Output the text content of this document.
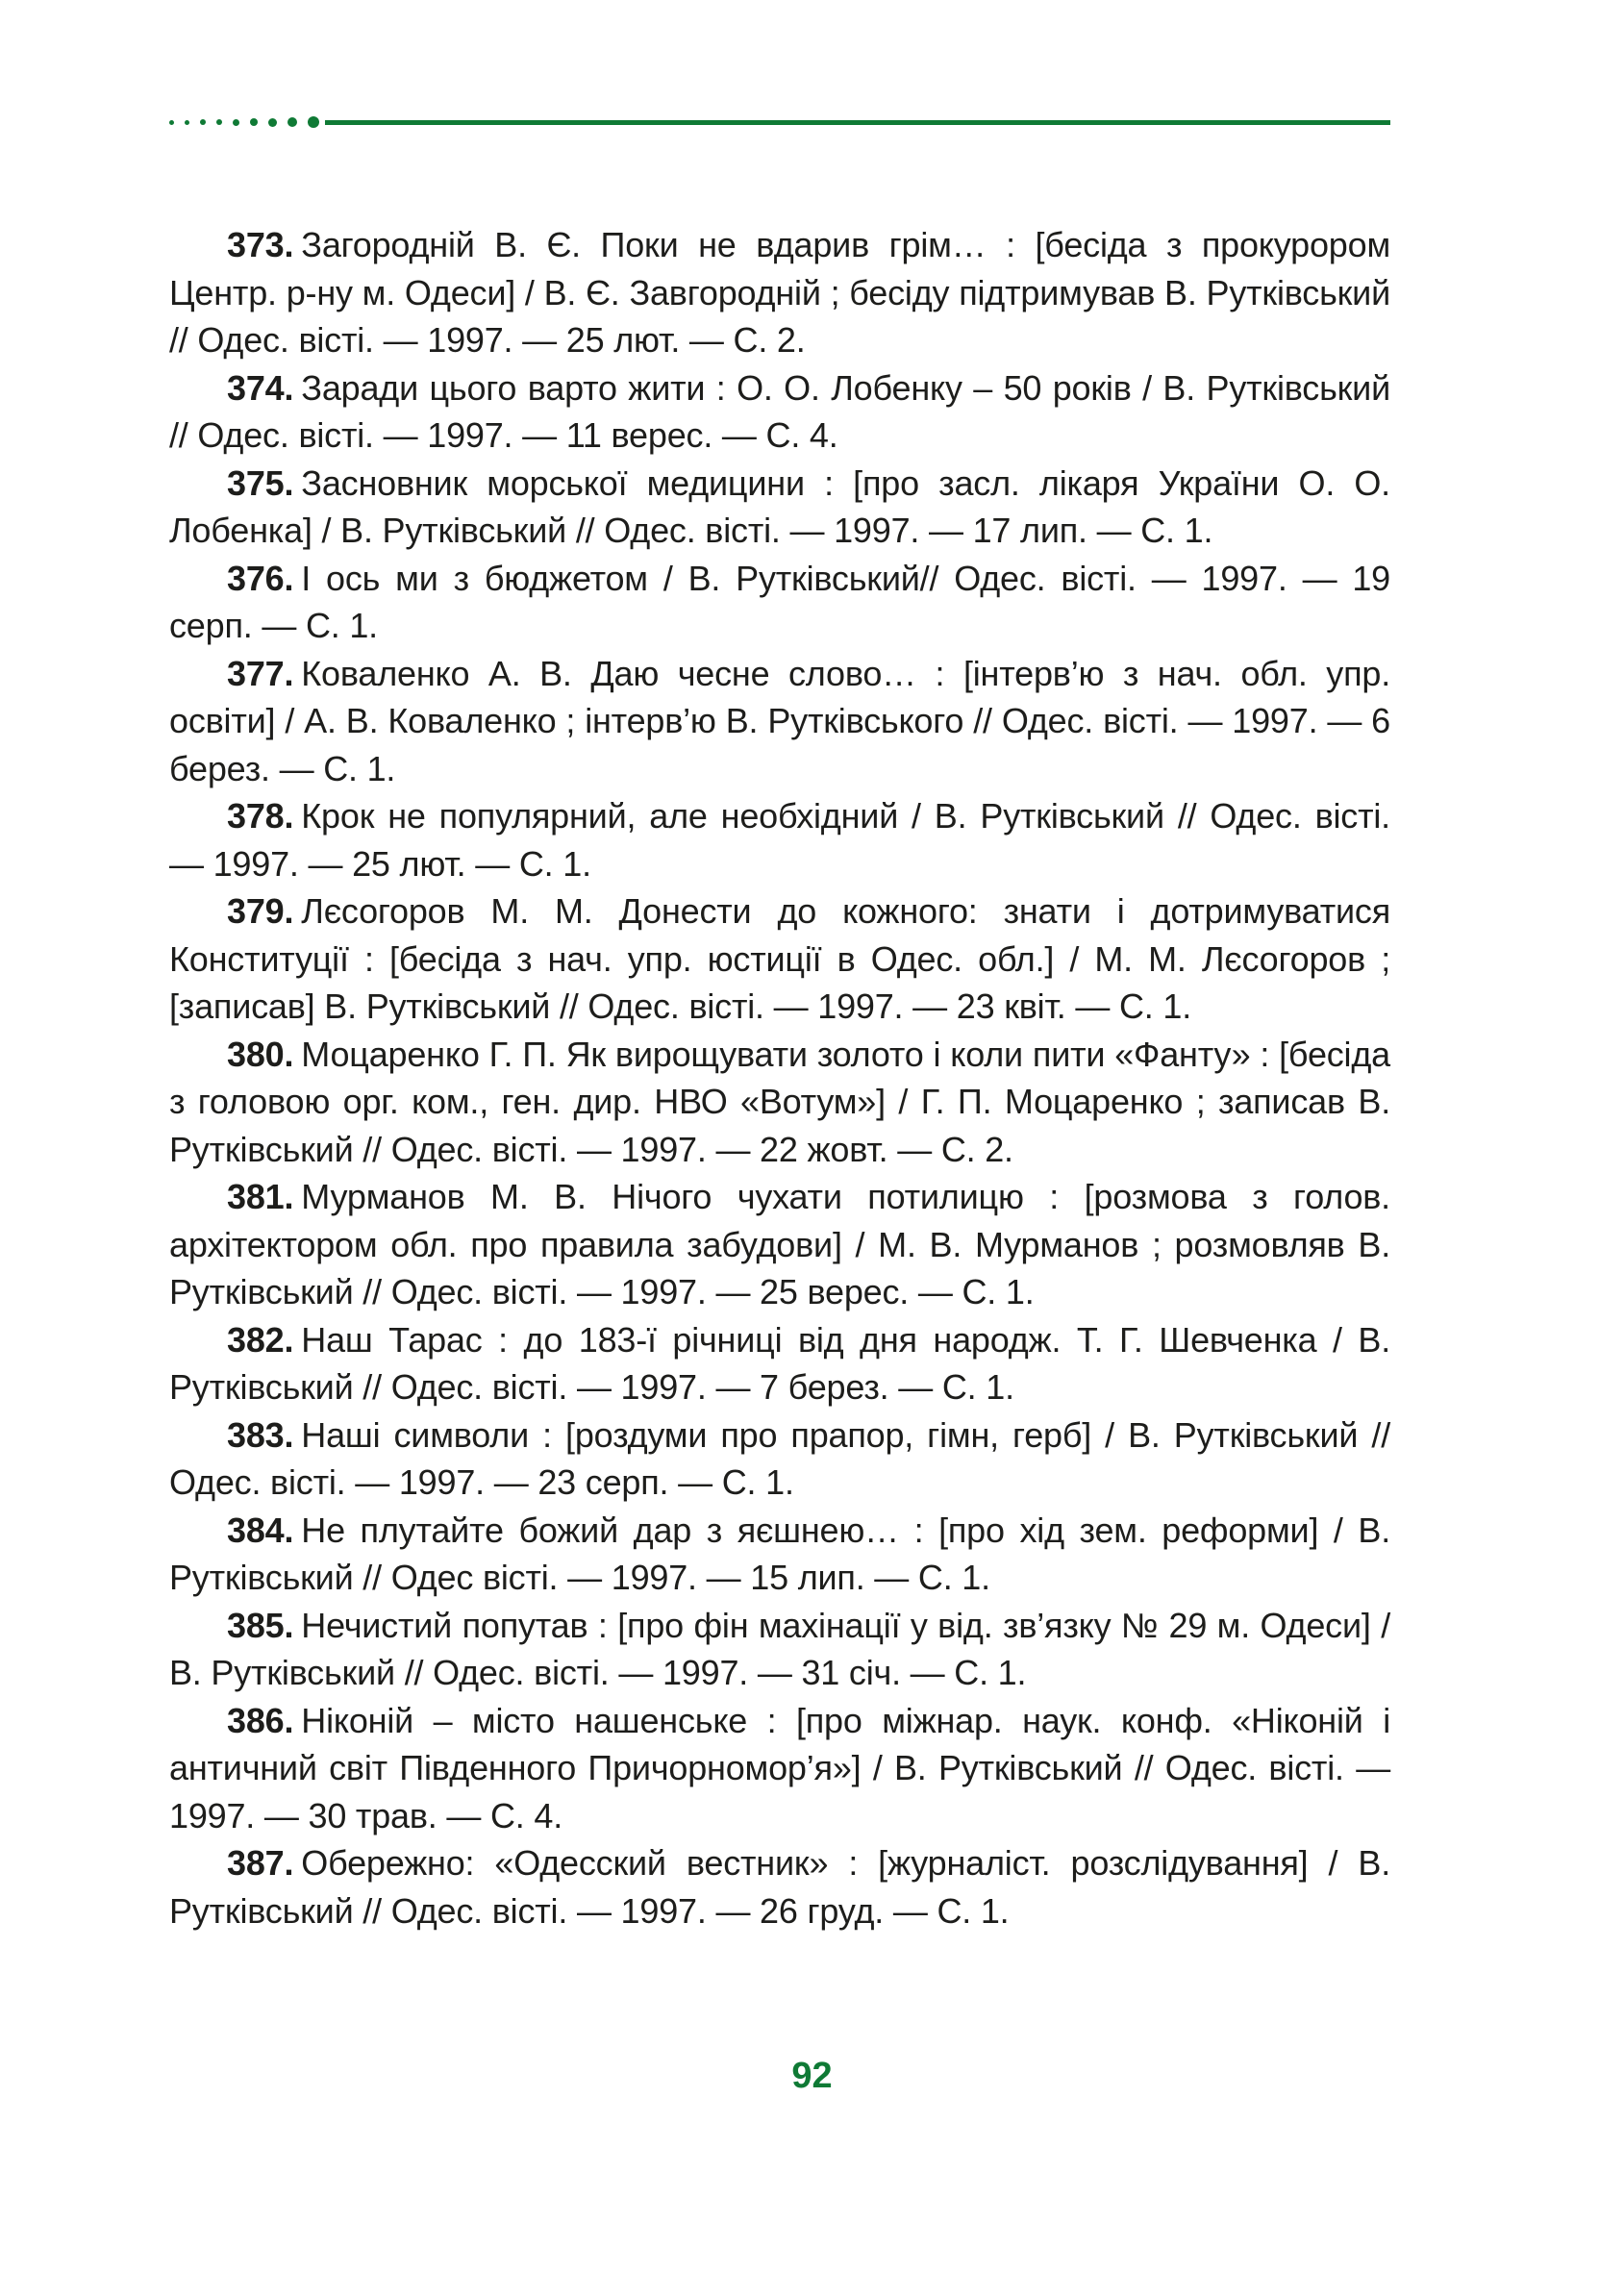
373. Загородній В. Є. Поки не вдарив грім… : [бесіда з прокурором Центр. р-ну м. Одеси] / В. Є. Завгородній ; бесіду підтримував В. Рутківський // Одес. вісті. — 1997. — 25 лют. — С. 2.

374. Заради цього варто жити : О. О. Лобенку – 50 років / В. Рутківський // Одес. вісті. — 1997. — 11 верес. — С. 4.

375. Засновник морської медицини : [про засл. лікаря України О. О. Лобенка] / В. Рутківський // Одес. вісті. — 1997. — 17 лип. — С. 1.

376. І ось ми з бюджетом / В. Рутківський// Одес. вісті. — 1997. — 19 серп. — С. 1.

377. Коваленко А. В. Даю чесне слово… : [інтерв’ю з нач. обл. упр. освіти] / А. В. Коваленко ; інтерв’ю В. Рутківського // Одес. вісті. — 1997. — 6 берез. — С. 1.

378. Крок не популярний, але необхідний / В. Рутківський // Одес. вісті. — 1997. — 25 лют. — С. 1.

379. Лєсогоров М. М. Донести до кожного: знати і дотримуватися Конституції : [бесіда з нач. упр. юстиції в Одес. обл.] / М. М. Лєсогоров ; [записав] В. Рутківський // Одес. вісті. — 1997. — 23 квіт. — С. 1.

380. Моцаренко Г. П. Як вирощувати золото і коли пити «Фанту» : [бесіда з головою орг. ком., ген. дир. НВО «Вотум»] / Г. П. Моцаренко ; записав В. Рутківський // Одес. вісті. — 1997. — 22 жовт. — С. 2.

381. Мурманов М. В. Нічого чухати потилицю : [розмова з голов. архітектором обл. про правила забудови] / М. В. Мурманов ; розмовляв В. Рутківський // Одес. вісті. — 1997. — 25 верес. — С. 1.

382. Наш Тарас : до 183-ї річниці від дня народж. Т. Г. Шевченка / В. Рутківський // Одес. вісті. — 1997. — 7 берез. — С. 1.

383. Наші символи : [роздуми про прапор, гімн, герб] / В. Рутківський // Одес. вісті. — 1997. — 23 серп. — С. 1.

384. Не плутайте божий дар з яєшнею… : [про хід зем. реформи] / В. Рутківський // Одес вісті. — 1997. — 15 лип. — С. 1.

385. Нечистий попутав : [про фін махінації у від. зв’язку № 29 м. Одеси] / В. Рутківський // Одес. вісті. — 1997. — 31 січ. — С. 1.

386. Ніконій – місто нашенське : [про міжнар. наук. конф. «Ніконій і античний світ Південного Причорномор’я»] / В. Рутківський // Одес. вісті. — 1997. — 30 трав. — С. 4.

387. Обережно: «Одесский вестник» : [журналіст. розслідування] / В. Рутківський // Одес. вісті. — 1997. — 26 груд. — С. 1.

92
